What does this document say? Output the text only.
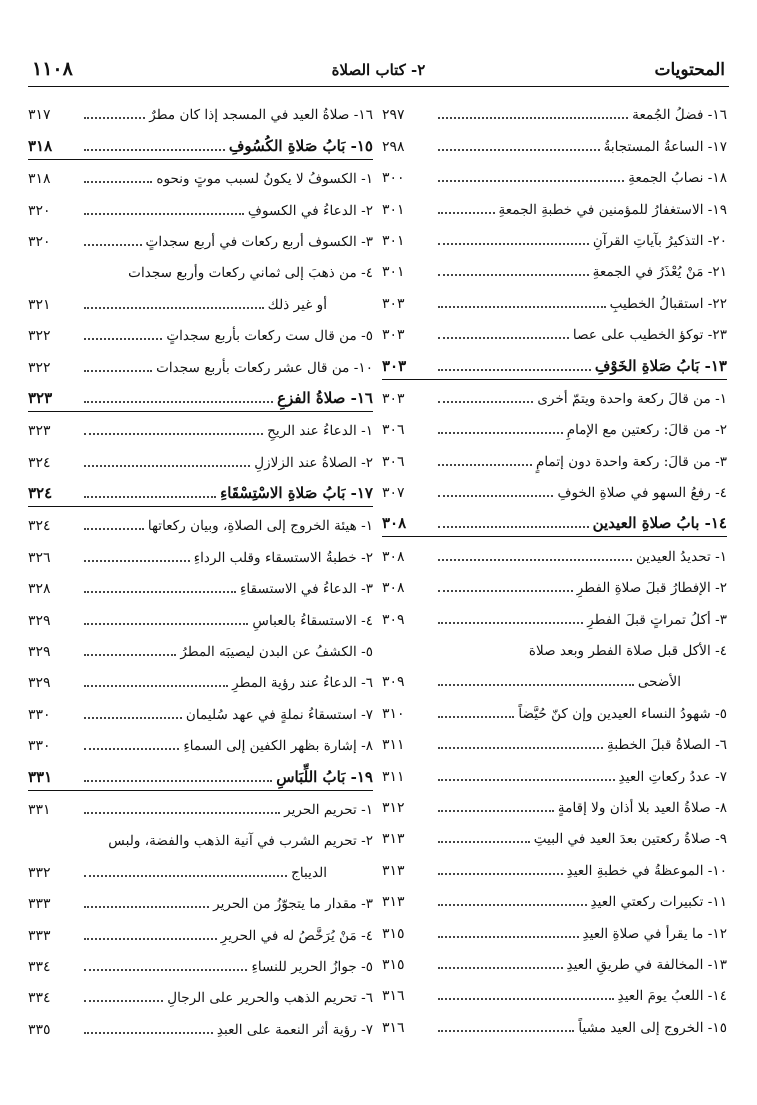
المحتويات
٢- كتاب الصلاة
١١٠٨
١٦- فضلُ الجُمعة
٢٩٧
١٧- الساعةُ المستجابةُ
٢٩٨
١٨- نصابُ الجمعةِ
٣٠٠
١٩- الاستغفارُ للمؤمنين في خطبةِ الجمعةِ
٣٠١
٢٠- التذكيرُ بآياتِ القرآنِ
٣٠١
٢١- مَنْ يُعْذَرُ في الجمعةِ
٣٠١
٢٢- استقبالُ الخطيبِ
٣٠٣
٢٣- توكؤ الخطيب على عصا
٣٠٣
١٣- بَابُ صَلاةِ الخَوْفِ
٣٠٣
١- من قالَ ركعة واحدة ويتمّ أخرى
٣٠٣
٢- من قالَ: ركعتين مع الإمامِ
٣٠٦
٣- من قالَ: ركعة واحدة دون إتمامٍ
٣٠٦
٤- رفعُ السهو في صلاةِ الخوفِ
٣٠٧
١٤- بابُ صلاةِ العيدين
٣٠٨
١- تحديدُ العيدين
٣٠٨
٢- الإفطارُ قبلَ صلاةِ الفطرِ
٣٠٨
٣- أكلُ تمراتٍ قبلَ الفطرِ
٣٠٩
٤- الأكل قبل صلاة الفطر وبعد صلاة
الأضحى
٣٠٩
٥- شهودُ النساء العيدين وإن كنّ حُيَّضاً
٣١٠
٦- الصلاةُ قبلَ الخطبةِ
٣١١
٧- عددُ ركعاتِ العيدِ
٣١١
٨- صلاةُ العيد بلا أذان ولا إقامةٍ
٣١٢
٩- صلاةُ ركعتين بعدَ العيد في البيتِ
٣١٣
١٠- الموعظةُ في خطبةِ العيدِ
٣١٣
١١- تكبيرات ركعتي العيدِ
٣١٣
١٢- ما يقرأ في صلاةِ العيدِ
٣١٥
١٣- المخالفة في طريقِ العيدِ
٣١٥
١٤- اللعبُ يومَ العيدِ
٣١٦
١٥- الخروج إلى العيد مشياً
٣١٦
١٦- صلاةُ العيد في المسجد إذا كان مطرٌ
٣١٧
١٥- بَابُ صَلاةِ الكُسُوفِ
٣١٨
١- الكسوفُ لا يكونُ لسبب موتٍ ونحوه
٣١٨
٢- الدعاءُ في الكسوفِ
٣٢٠
٣- الكسوف أربع ركعات في أربع سجداتٍ
٣٢٠
٤- من ذهبَ إلى ثماني ركعات وأربع سجدات
أو غير ذلك
٣٢١
٥- من قال ست ركعات بأربع سجداتٍ
٣٢٢
١٠- من قال عشر ركعات بأربع سجدات
٣٢٢
١٦- صلاةُ الفزعِ
٣٢٣
١- الدعاءُ عند الريحِ
٣٢٣
٢- الصلاةُ عند الزلازلِ
٣٢٤
١٧- بَابُ صَلاةِ الاسْتِسْقَاءِ
٣٢٤
١- هيئة الخروج إلى الصلاةِ، وبيان ركعاتها
٣٢٤
٢- خطبةُ الاستسقاء وقلب الرداءِ
٣٢٦
٣- الدعاءُ في الاستسقاءِ
٣٢٨
٤- الاستسقاءُ بالعباسِ
٣٢٩
٥- الكشفُ عن البدن ليصيبَه المطرُ
٣٢٩
٦- الدعاءُ عند رؤية المطرِ
٣٢٩
٧- استسقاءُ نملةٍ في عهد سُليمان
٣٣٠
٨- إشارة بظهر الكفين إلى السماءِ
٣٣٠
١٩- بَابُ اللِّبَاسِ
٣٣١
١- تحريم الحرير
٣٣١
٢- تحريم الشرب في آنية الذهب والفضة، ولبس
الديباج
٣٣٢
٣- مقدار ما يتجوّزُ من الحرير
٣٣٣
٤- مَنْ يُرَخَّصُ له في الحريرِ
٣٣٣
٥- جوازُ الحرير للنساءِ
٣٣٤
٦- تحريم الذهب والحرير على الرجالِ
٣٣٤
٧- رؤية أثر النعمة على العبدِ
٣٣٥
